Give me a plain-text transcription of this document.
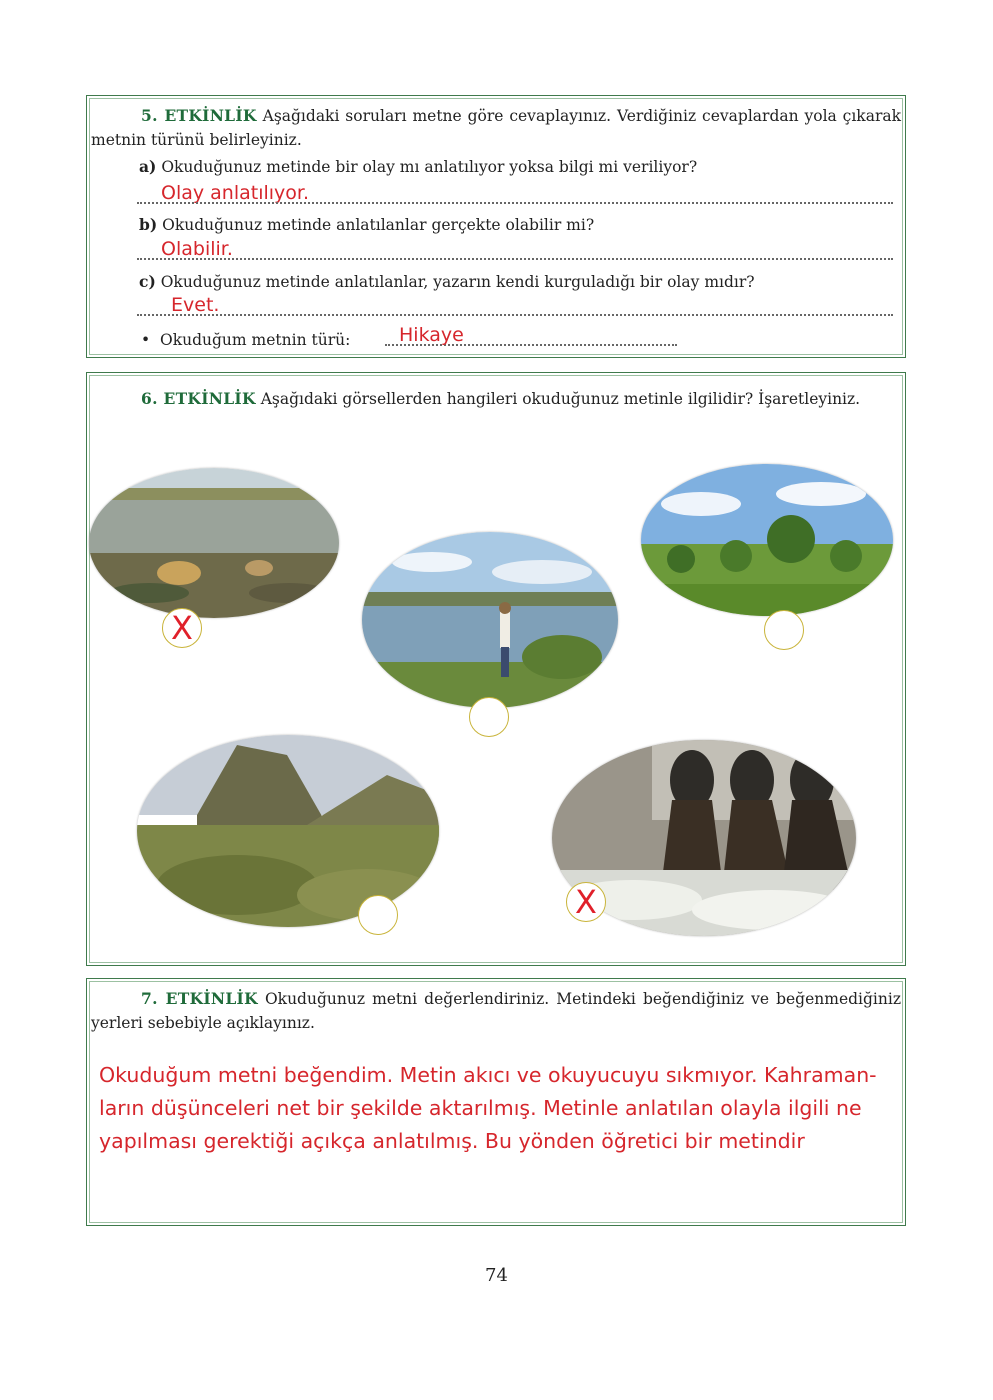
5. ETKİNLİK Aşağıdaki soruları metne göre cevaplayınız. Verdiğiniz cevaplardan yola çıkarak metnin türünü belirleyiniz.
a) Okuduğunuz metinde bir olay mı anlatılıyor yoksa bilgi mi veriliyor?
Olay anlatılıyor.
b) Okuduğunuz metinde anlatılanlar gerçekte olabilir mi?
Olabilir.
c) Okuduğunuz metinde anlatılanlar, yazarın kendi kurguladığı bir olay mıdır?
Evet.
• Okuduğum metnin türü:	Hikaye
6. ETKİNLİK Aşağıdaki görsellerden hangileri okuduğunuz metinle ilgilidir? İşaretleyiniz.
X
X
7. ETKİNLİK Okuduğunuz metni değerlendiriniz. Metindeki beğendiğiniz ve beğenmediğiniz yerleri sebebiyle açıklayınız.
Okuduğum metni beğendim. Metin akıcı ve okuyucuyu sıkmıyor. Kahraman-
ların düşünceleri net bir şekilde aktarılmış. Metinle anlatılan olayla ilgili ne
yapılması gerektiği açıkça anlatılmış. Bu yönden öğretici bir metindir
74
